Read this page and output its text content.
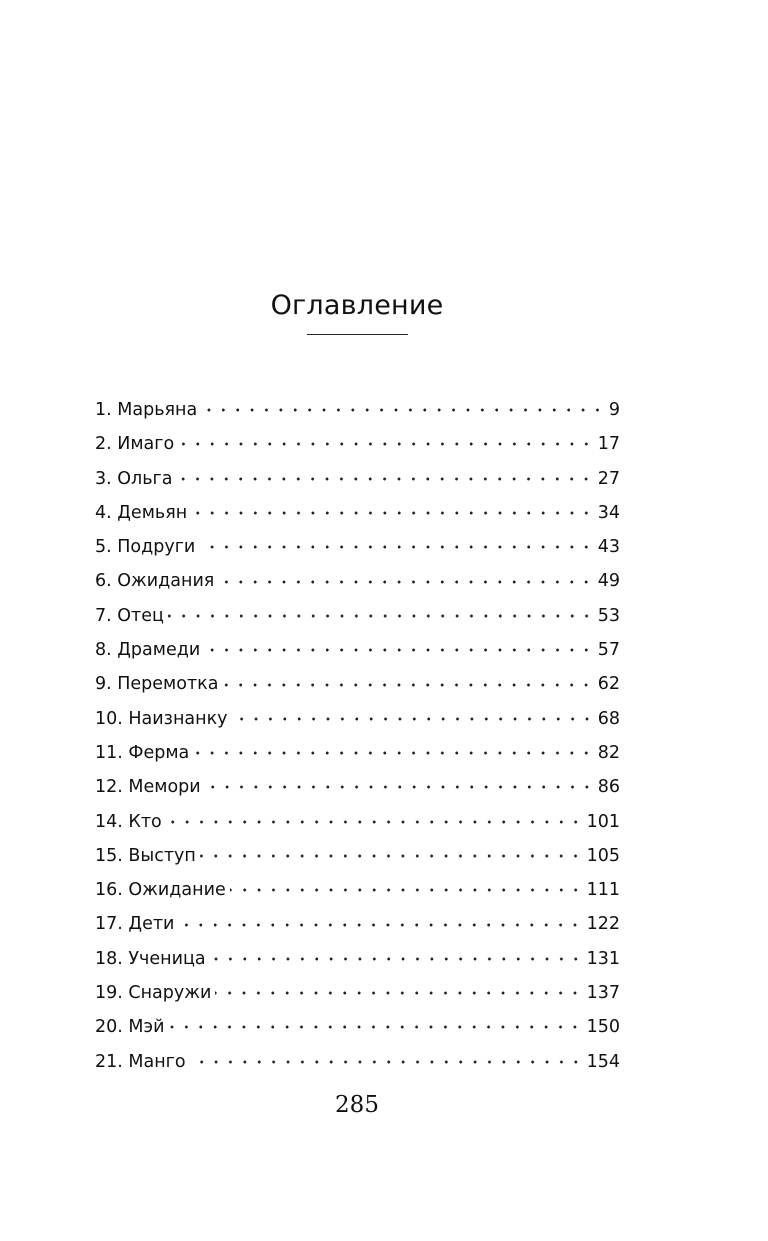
Оглавление
1. Марьяна	9
2. Имаго	17
3. Ольга	27
4. Демьян	34
5. Подруги	43
6. Ожидания	49
7. Отец	53
8. Драмеди	57
9. Перемотка	62
10. Наизнанку	68
11. Ферма	82
12. Мемори	86
14. Кто	101
15. Выступ	105
16. Ожидание	111
17. Дети	122
18. Ученица	131
19. Снаружи	137
20. Мэй	150
21. Манго	154
285
